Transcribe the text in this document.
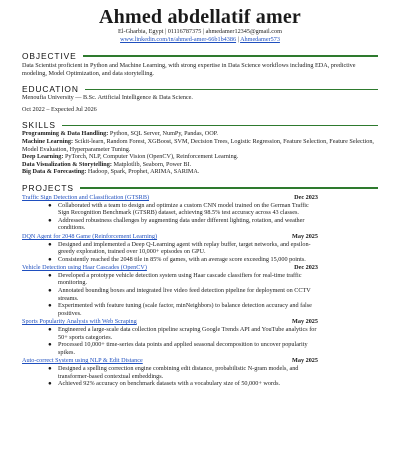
Ahmed abdellatif amer
El-Gharbia, Egypt | 01116787375 | ahmedamer12345@gmail.com
www.linkedin.com/in/ahmed-amer-66b1b4386 | Ahmedamer573
OBJECTIVE
Data Scientist proficient in Python and Machine Learning, with strong expertise in Data Science workflows including EDA, predictive modeling, Model Optimization, and data storytelling.
EDUCATION
Menoufia University — B.Sc. Artificial Intelligence & Data Science.
Oct 2022 – Expected Jul 2026
SKILLS
Programming & Data Handling: Python, SQL Server, NumPy, Pandas, OOP.
Machine Learning: Scikit-learn, Random Forest, XGBoost, SVM, Decision Trees, Logistic Regression, Feature Selection, Feature Selection, Model Evaluation, Hyperparameter Tuning.
Deep Learning: PyTorch, NLP, Computer Vision (OpenCV), Reinforcement Learning.
Data Visualization & Storytelling: Matplotlib, Seaborn, Power BI.
Big Data & Forecasting: Hadoop, Spark, Prophet, ARIMA, SARIMA.
PROJECTS
Traffic Sign Detection and Classification (GTSRB)	Dec 2023
● Collaborated with a team to design and optimize a custom CNN model trained on the German Traffic Sign Recognition Benchmark (GTSRB) dataset, achieving 98.5% test accuracy across 43 classes.
● Addressed robustness challenges by augmenting data under different lighting, rotation, and weather conditions.
DQN Agent for 2048 Game (Reinforcement Learning)	May 2025
● Designed and implemented a Deep Q-Learning agent with replay buffer, target networks, and epsilon-greedy exploration, trained over 10,000+ episodes on GPU.
● Consistently reached the 2048 tile in 85% of games, with an average score exceeding 15,000 points.
Vehicle Detection using Haar Cascades (OpenCV)	Dec 2023
● Developed a prototype vehicle detection system using Haar cascade classifiers for real-time traffic monitoring.
● Annotated bounding boxes and integrated live video feed detection pipeline for deployment on CCTV streams.
● Experimented with feature tuning (scale factor, minNeighbors) to balance detection accuracy and false positives.
Sports Popularity Analysis with Web Scraping	May 2025
● Engineered a large-scale data collection pipeline scraping Google Trends API and YouTube analytics for 50+ sports categories.
● Processed 10,000+ time-series data points and applied seasonal decomposition to uncover popularity spikes.
Auto-correct System using NLP & Edit Distance	May 2025
● Designed a spelling correction engine combining edit distance, probabilistic N-gram models, and transformer-based contextual embeddings.
● Achieved 92% accuracy on benchmark datasets with a vocabulary size of 50,000+ words.
